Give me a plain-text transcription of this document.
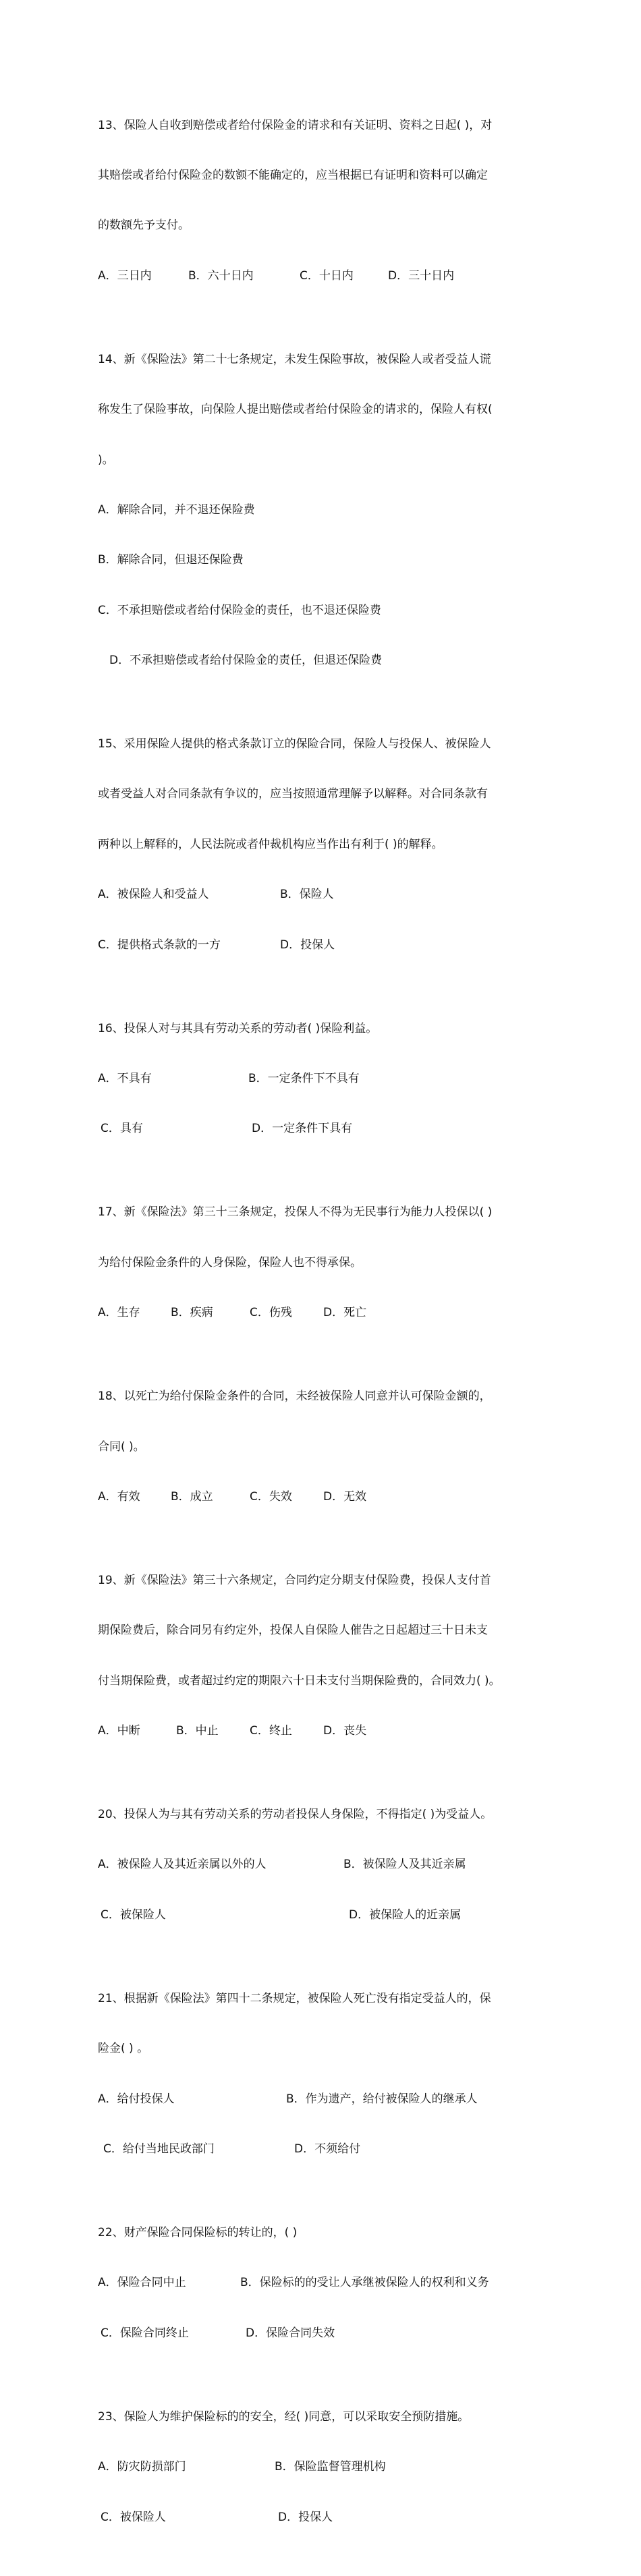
13、保险人自收到赔偿或者给付保险金的请求和有关证明、资料之日起( )，对

其赔偿或者给付保险金的数额不能确定的，应当根据已有证明和资料可以确定

的数额先予支付。

A．三日内

	B．六十日内

	C．十日内

	D．三十日内

14、新《保险法》第二十七条规定，未发生保险事故，被保险人或者受益人谎

称发生了保险事故，向保险人提出赔偿或者给付保险金的请求的，保险人有权(

)。

A．解除合同，并不退还保险费

B．解除合同，但退还保险费

C．不承担赔偿或者给付保险金的责任，也不退还保险费

D．不承担赔偿或者给付保险金的责任，但退还保险费

15、采用保险人提供的格式条款订立的保险合同，保险人与投保人、被保险人

或者受益人对合同条款有争议的，应当按照通常理解予以解释。对合同条款有

两种以上解释的，人民法院或者仲裁机构应当作出有利于( )的解释。

A．被保险人和受益人

	B．保险人

C．提供格式条款的一方

	D．投保人

16、投保人对与其具有劳动关系的劳动者( )保险利益。

A．不具有

	B．一定条件下不具有

C．具有

	D．一定条件下具有

17、新《保险法》第三十三条规定，投保人不得为无民事行为能力人投保以( )

为给付保险金条件的人身保险，保险人也不得承保。

A．生存

	B．疾病

	C．伤残

	D．死亡

18、以死亡为给付保险金条件的合同，未经被保险人同意并认可保险金额的，

合同( )。

A．有效

	B．成立

	C．失效

	D．无效

19、新《保险法》第三十六条规定，合同约定分期支付保险费，投保人支付首

期保险费后，除合同另有约定外，投保人自保险人催告之日起超过三十日未支

付当期保险费，或者超过约定的期限六十日未支付当期保险费的，合同效力( )。

A．中断

	B．中止

	C．终止

	D．丧失

20、投保人为与其有劳动关系的劳动者投保人身保险，不得指定( )为受益人。

A．被保险人及其近亲属以外的人

	B．被保险人及其近亲属

C．被保险人

	D．被保险人的近亲属

21、根据新《保险法》第四十二条规定，被保险人死亡没有指定受益人的，保

险金( ) 。

A．给付投保人

	B．作为遗产，给付被保险人的继承人

C．给付当地民政部门

	D．不须给付

22、财产保险合同保险标的转让的，( )

A．保险合同中止

	B．保险标的的受让人承继被保险人的权利和义务

C．保险合同终止

	D．保险合同失效

23、保险人为维护保险标的的安全，经( )同意，可以采取安全预防措施。

A．防灾防损部门

	B．保险监督管理机构

C．被保险人

	D．投保人
